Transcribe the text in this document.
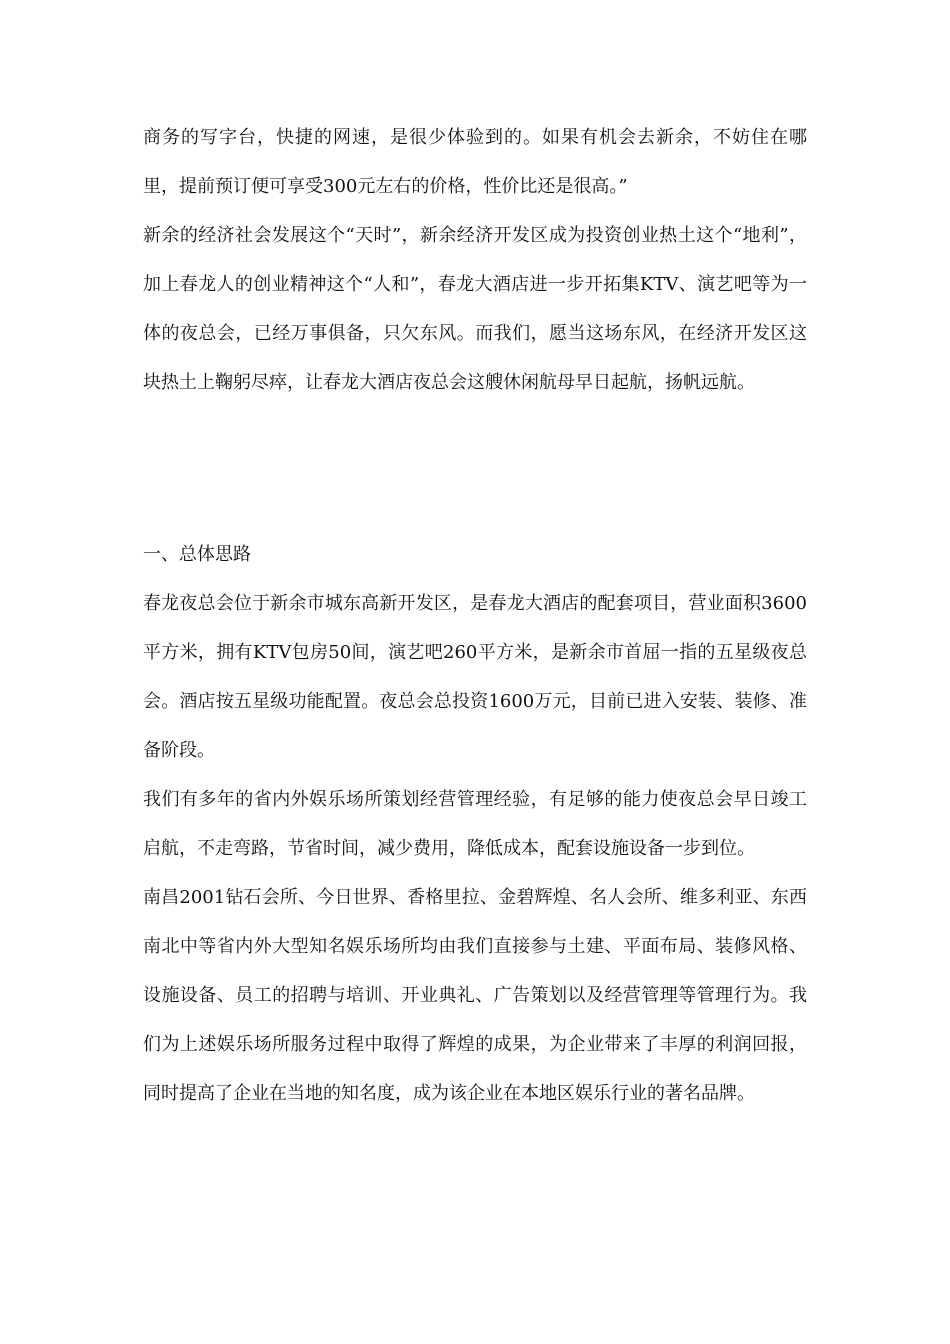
商务的写字台，快捷的网速，是很少体验到的。如果有机会去新余，不妨住在哪里，提前预订便可享受300元左右的价格，性价比还是很高。”

新余的经济社会发展这个“天时”，新余经济开发区成为投资创业热土这个“地利”，加上春龙人的创业精神这个“人和”，春龙大酒店进一步开拓集KTV、演艺吧等为一体的夜总会，已经万事俱备，只欠东风。而我们，愿当这场东风，在经济开发区这块热土上鞠躬尽瘁，让春龙大酒店夜总会这艘休闲航母早日起航，扬帆远航。

一、总体思路

春龙夜总会位于新余市城东高新开发区，是春龙大酒店的配套项目，营业面积3600平方米，拥有KTV包房50间，演艺吧260平方米，是新余市首屈一指的五星级夜总会。酒店按五星级功能配置。夜总会总投资1600万元，目前已进入安装、装修、准备阶段。

我们有多年的省内外娱乐场所策划经营管理经验，有足够的能力使夜总会早日竣工启航，不走弯路，节省时间，减少费用，降低成本，配套设施设备一步到位。

南昌2001钻石会所、今日世界、香格里拉、金碧辉煌、名人会所、维多利亚、东西南北中等省内外大型知名娱乐场所均由我们直接参与土建、平面布局、装修风格、设施设备、员工的招聘与培训、开业典礼、广告策划以及经营管理等管理行为。我们为上述娱乐场所服务过程中取得了辉煌的成果，为企业带来了丰厚的利润回报，同时提高了企业在当地的知名度，成为该企业在本地区娱乐行业的著名品牌。
